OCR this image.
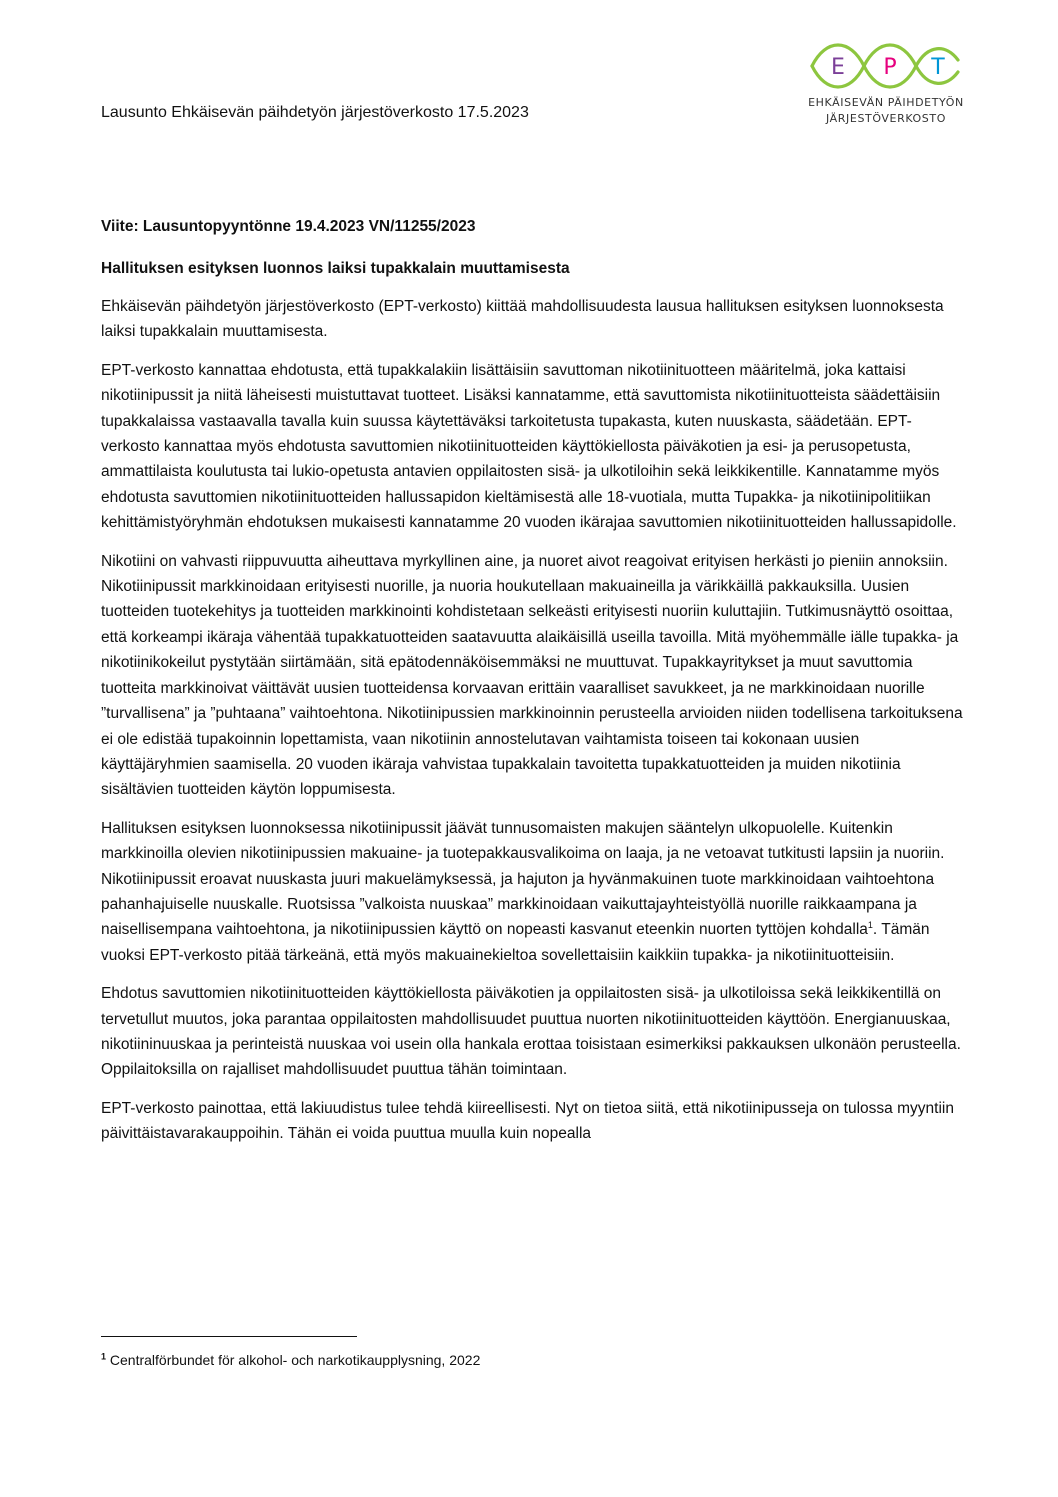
E P T
EHKÄISEVÄN PÄIHDETYÖN
JÄRJESTÖVERKOSTO

Lausunto Ehkäisevän päihdetyön järjestöverkosto 17.5.2023

Viite: Lausuntopyyntönne 19.4.2023 VN/11255/2023

Hallituksen esityksen luonnos laiksi tupakkalain muuttamisesta

Ehkäisevän päihdetyön järjestöverkosto (EPT-verkosto) kiittää mahdollisuudesta lausua hallituksen esityksen luonnoksesta laiksi tupakkalain muuttamisesta.

EPT-verkosto kannattaa ehdotusta, että tupakkalakiin lisättäisiin savuttoman nikotiinituotteen määritelmä, joka kattaisi nikotiinipussit ja niitä läheisesti muistuttavat tuotteet. Lisäksi kannatamme, että savuttomista nikotiinituotteista säädettäisiin tupakkalaissa vastaavalla tavalla kuin suussa käytettäväksi tarkoitetusta tupakasta, kuten nuuskasta, säädetään. EPT-verkosto kannattaa myös ehdotusta savuttomien nikotiinituotteiden käyttökiellosta päiväkotien ja esi- ja perusopetusta, ammattilaista koulutusta tai lukio-opetusta antavien oppilaitosten sisä- ja ulkotiloihin sekä leikkikentille. Kannatamme myös ehdotusta savuttomien nikotiinituotteiden hallussapidon kieltämisestä alle 18-vuotiala, mutta Tupakka- ja nikotiinipolitiikan kehittämistyöryhmän ehdotuksen mukaisesti kannatamme 20 vuoden ikärajaa savuttomien nikotiinituotteiden hallussapidolle.

Nikotiini on vahvasti riippuvuutta aiheuttava myrkyllinen aine, ja nuoret aivot reagoivat erityisen herkästi jo pieniin annoksiin. Nikotiinipussit markkinoidaan erityisesti nuorille, ja nuoria houkutellaan makuaineilla ja värikkäillä pakkauksilla. Uusien tuotteiden tuotekehitys ja tuotteiden markkinointi kohdistetaan selkeästi erityisesti nuoriin kuluttajiin. Tutkimusnäyttö osoittaa, että korkeampi ikäraja vähentää tupakkatuotteiden saatavuutta alaikäisillä useilla tavoilla. Mitä myöhemmälle iälle tupakka- ja nikotiinikokeilut pystytään siirtämään, sitä epätodennäköisemmäksi ne muuttuvat. Tupakkayritykset ja muut savuttomia tuotteita markkinoivat väittävät uusien tuotteidensa korvaavan erittäin vaaralliset savukkeet, ja ne markkinoidaan nuorille ”turvallisena” ja ”puhtaana” vaihtoehtona. Nikotiinipussien markkinoinnin perusteella arvioiden niiden todellisena tarkoituksena ei ole edistää tupakoinnin lopettamista, vaan nikotiinin annostelutavan vaihtamista toiseen tai kokonaan uusien käyttäjäryhmien saamisella. 20 vuoden ikäraja vahvistaa tupakkalain tavoitetta tupakkatuotteiden ja muiden nikotiinia sisältävien tuotteiden käytön loppumisesta.

Hallituksen esityksen luonnoksessa nikotiinipussit jäävät tunnusomaisten makujen sääntelyn ulkopuolelle. Kuitenkin markkinoilla olevien nikotiinipussien makuaine- ja tuotepakkausvalikoima on laaja, ja ne vetoavat tutkitusti lapsiin ja nuoriin. Nikotiinipussit eroavat nuuskasta juuri makuelämyksessä, ja hajuton ja hyvänmakuinen tuote markkinoidaan vaihtoehtona pahanhajuiselle nuuskalle. Ruotsissa ”valkoista nuuskaa” markkinoidaan vaikuttajayhteistyöllä nuorille raikkaampana ja naisellisempana vaihtoehtona, ja nikotiinipussien käyttö on nopeasti kasvanut eteenkin nuorten tyttöjen kohdalla$^1$. Tämän vuoksi EPT-verkosto pitää tärkeänä, että myös makuainekieltoa sovellettaisiin kaikkiin tupakka- ja nikotiinituotteisiin.

Ehdotus savuttomien nikotiinituotteiden käyttökiellosta päiväkotien ja oppilaitosten sisä- ja ulkotiloissa sekä leikkikentillä on tervetullut muutos, joka parantaa oppilaitosten mahdollisuudet puuttua nuorten nikotiinituotteiden käyttöön. Energianuuskaa, nikotiininuuskaa ja perinteistä nuuskaa voi usein olla hankala erottaa toisistaan esimerkiksi pakkauksen ulkonäön perusteella. Oppilaitoksilla on rajalliset mahdollisuudet puuttua tähän toimintaan.

EPT-verkosto painottaa, että lakiuudistus tulee tehdä kiireellisesti. Nyt on tietoa siitä, että nikotiinipusseja on tulossa myyntiin päivittäistavarakauppoihin. Tähän ei voida puuttua muulla kuin nopealla

$^1$ Centralförbundet för alkohol- och narkotikaupplysning, 2022
